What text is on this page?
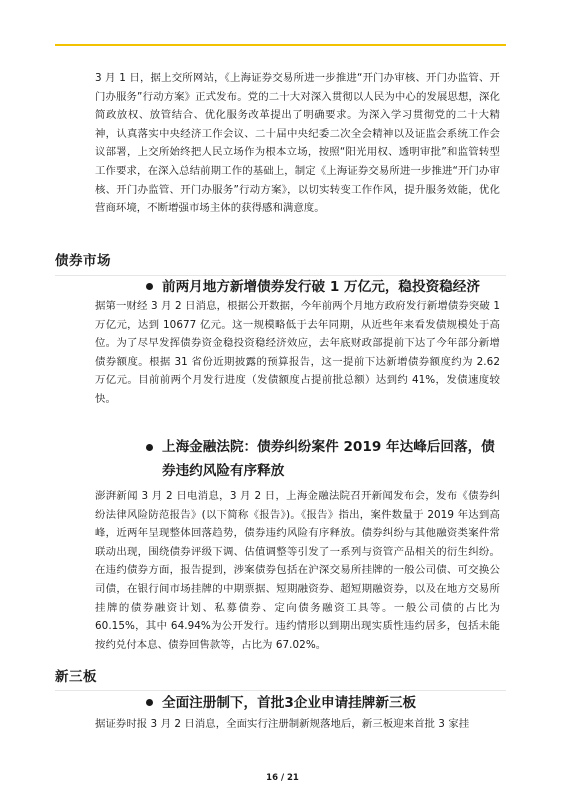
3 月 1 日，据上交所网站，《上海证券交易所进一步推进“开门办审核、开门办监管、开门办服务”行动方案》正式发布。党的二十大对深入贯彻以人民为中心的发展思想，深化简政放权、放管结合、优化服务改革提出了明确要求。为深入学习贯彻党的二十大精神，认真落实中央经济工作会议、二十届中央纪委二次全会精神以及证监会系统工作会议部署，上交所始终把人民立场作为根本立场，按照“阳光用权、透明审批”和监管转型工作要求，在深入总结前期工作的基础上，制定《上海证券交易所进一步推进“开门办审核、开门办监管、开门办服务”行动方案》，以切实转变工作作风，提升服务效能，优化营商环境，不断增强市场主体的获得感和满意度。

债券市场
前两月地方新增债券发行破 1 万亿元，稳投资稳经济

据第一财经 3 月 2 日消息，根据公开数据，今年前两个月地方政府发行新增债券突破 1 万亿元，达到 10677 亿元。这一规模略低于去年同期，从近些年来看发债规模处于高位。为了尽早发挥债券资金稳投资稳经济效应，去年底财政部提前下达了今年部分新增债券额度。根据 31 省份近期披露的预算报告，这一提前下达新增债券额度约为 2.62 万亿元。目前前两个月发行进度（发债额度占提前批总额）达到约 41%，发债速度较快。

上海金融法院：债券纠纷案件 2019 年达峰后回落，债券违约风险有序释放

澎湃新闻 3 月 2 日电消息，3 月 2 日，上海金融法院召开新闻发布会，发布《债券纠纷法律风险防范报告》(以下简称《报告》)。《报告》指出，案件数量于 2019 年达到高峰，近两年呈现整体回落趋势，债券违约风险有序释放。债券纠纷与其他融资类案件常联动出现，围绕债券评级下调、估值调整等引发了一系列与资管产品相关的衍生纠纷。在违约债券方面，报告提到，涉案债券包括在沪深交易所挂牌的一般公司债、可交换公司债，在银行间市场挂牌的中期票据、短期融资券、超短期融资券，以及在地方交易所挂牌的债券融资计划、私募债券、定向债务融资工具等。一般公司债的占比为 60.15%，其中 64.94%为公开发行。违约情形以到期出现实质性违约居多，包括未能按约兑付本息、债券回售款等，占比为 67.02%。

新三板
全面注册制下，首批3企业申请挂牌新三板

据证券时报 3 月 2 日消息，全面实行注册制新规落地后，新三板迎来首批 3 家挂

16 / 21
